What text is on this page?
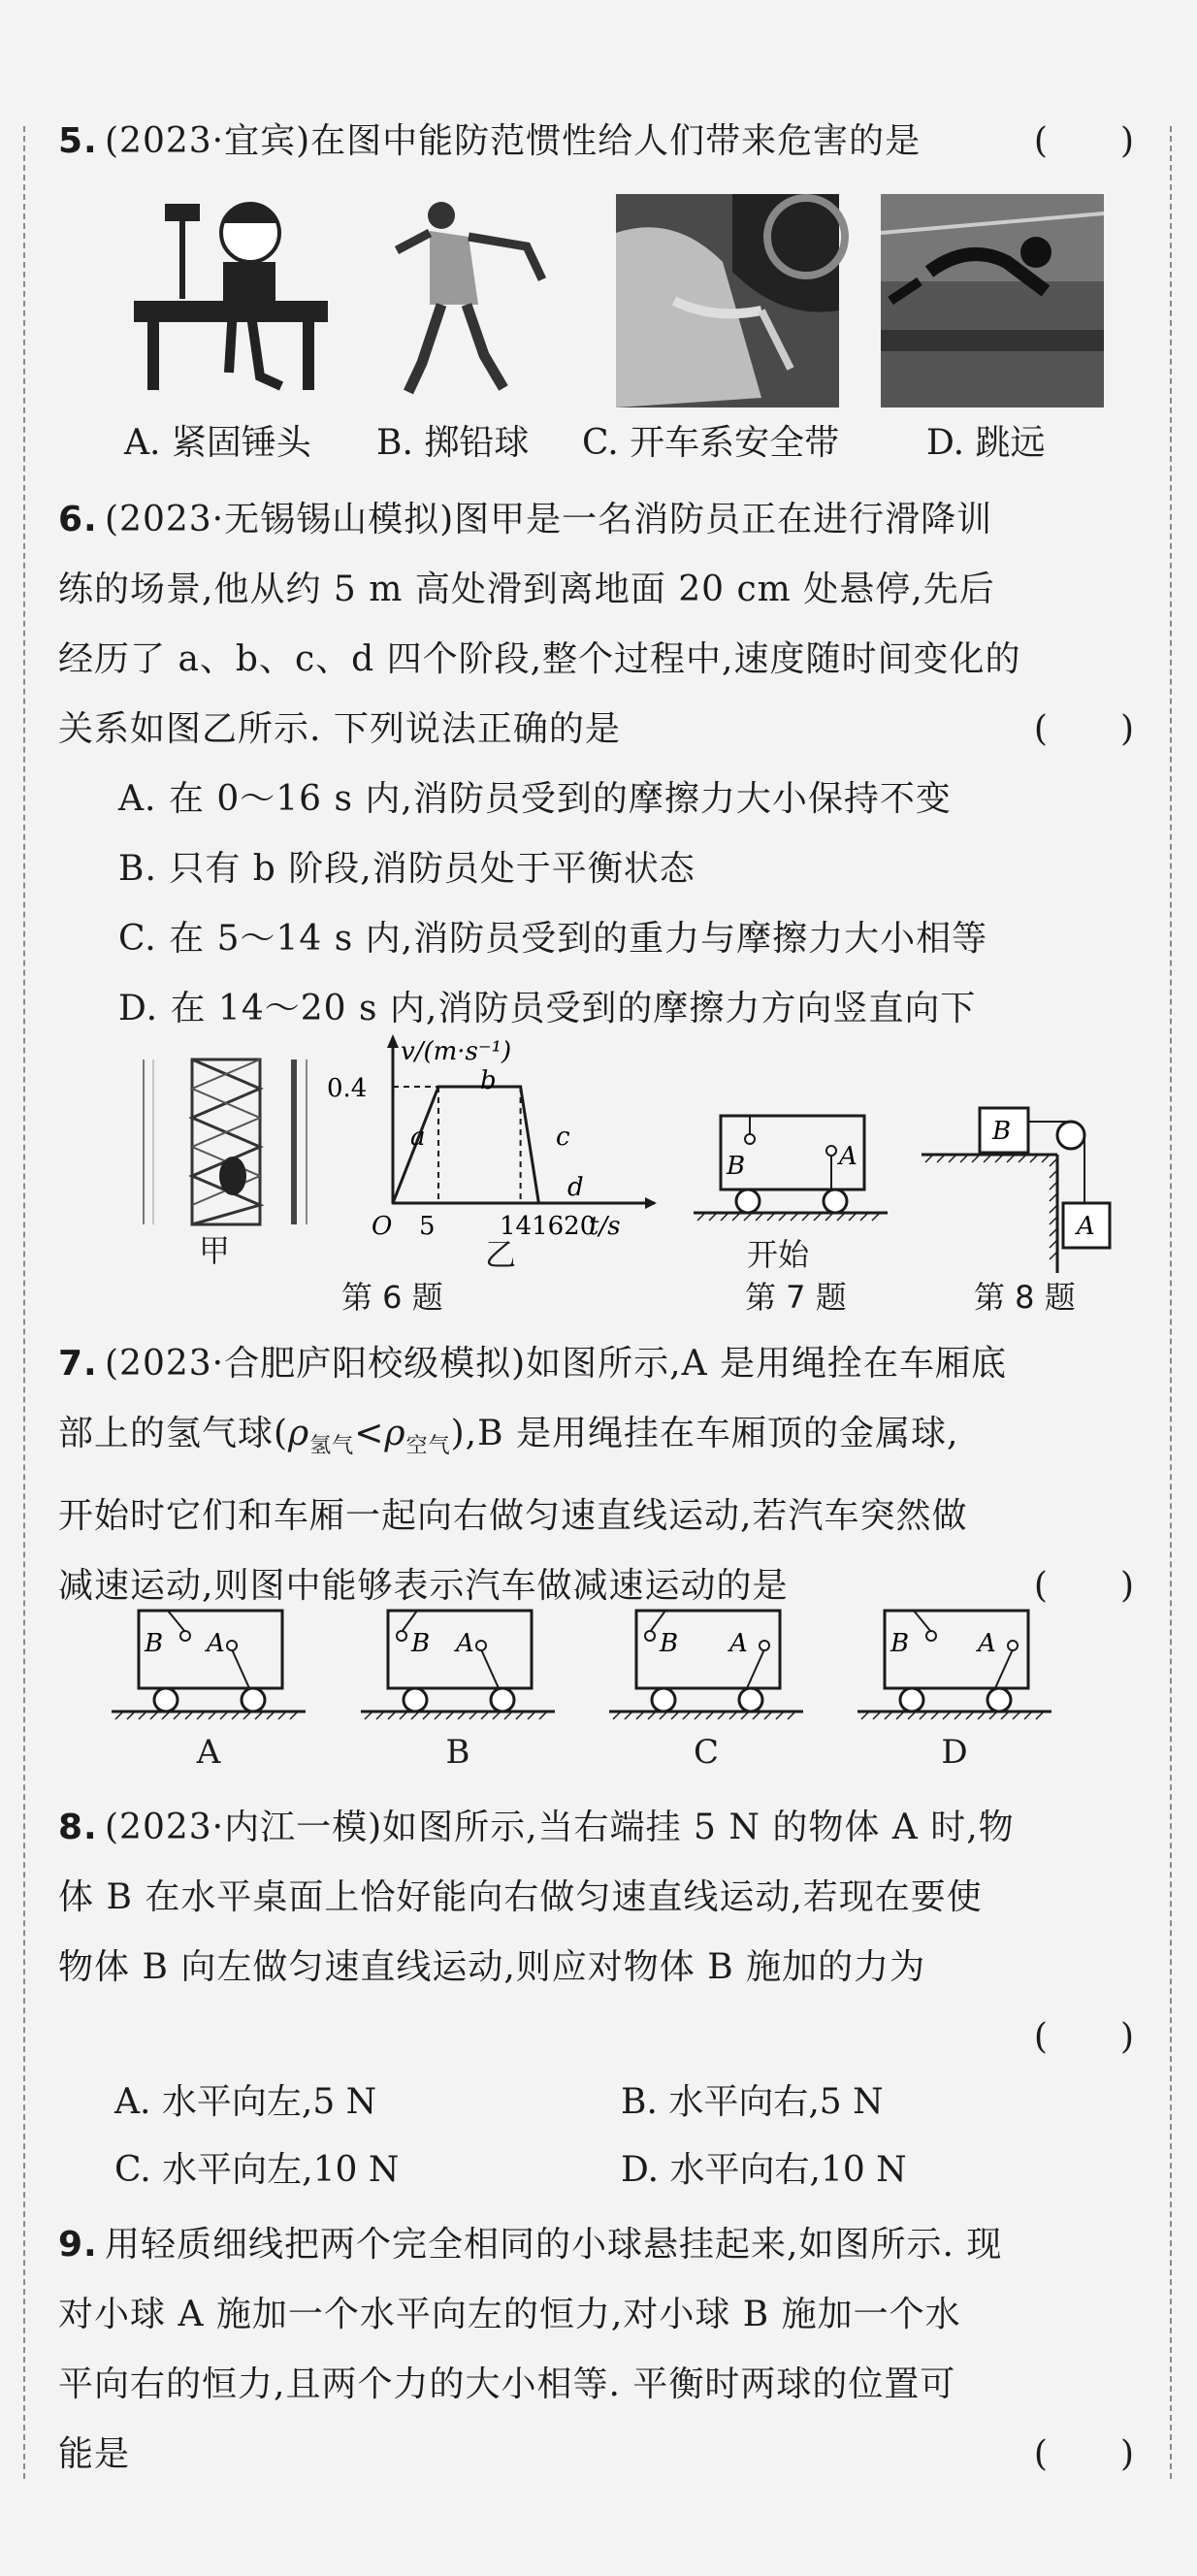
5. (2023·宜宾)在图中能防范惯性给人们带来危害的是	(　　)
A. 紧固锤头 B. 掷铅球 C. 开车系安全带 D. 跳远
6. (2023·无锡锡山模拟)图甲是一名消防员正在进行滑降训
练的场景,他从约 5 m 高处滑到离地面 20 cm 处悬停,先后
经历了 a、b、c、d 四个阶段,整个过程中,速度随时间变化的
关系如图乙所示. 下列说法正确的是	(　　)
A. 在 0～16 s 内,消防员受到的摩擦力大小保持不变
B. 只有 b 阶段,消防员处于平衡状态
C. 在 5～14 s 内,消防员受到的重力与摩擦力大小相等
D. 在 14～20 s 内,消防员受到的摩擦力方向竖直向下
甲
v/(m·s⁻¹)
0.4
O 5	141620
t/s
a
b
c
d
乙
B	A
开始
B
A
第 6 题	第 7 题	第 8 题
7. (2023·合肥庐阳校级模拟)如图所示,A 是用绳拴在车厢底
部上的氢气球$(\rho_{氢气}<\rho_{空气}),B$ 是用绳挂在车厢顶的金属球,
开始时它们和车厢一起向右做匀速直线运动,若汽车突然做
减速运动,则图中能够表示汽车做减速运动的是	(　　)
B A
A
B A
B
B A
C
B	A
D
8. (2023·内江一模)如图所示,当右端挂 5 N 的物体 A 时,物
体 B 在水平桌面上恰好能向右做匀速直线运动,若现在要使
物体 B 向左做匀速直线运动,则应对物体 B 施加的力为
(　　)
A. 水平向左,5 N	B. 水平向右,5 N
C. 水平向左,10 N	D. 水平向右,10 N
9. 用轻质细线把两个完全相同的小球悬挂起来,如图所示. 现
对小球 A 施加一个水平向左的恒力,对小球 B 施加一个水
平向右的恒力,且两个力的大小相等. 平衡时两球的位置可
能是	(　　)
